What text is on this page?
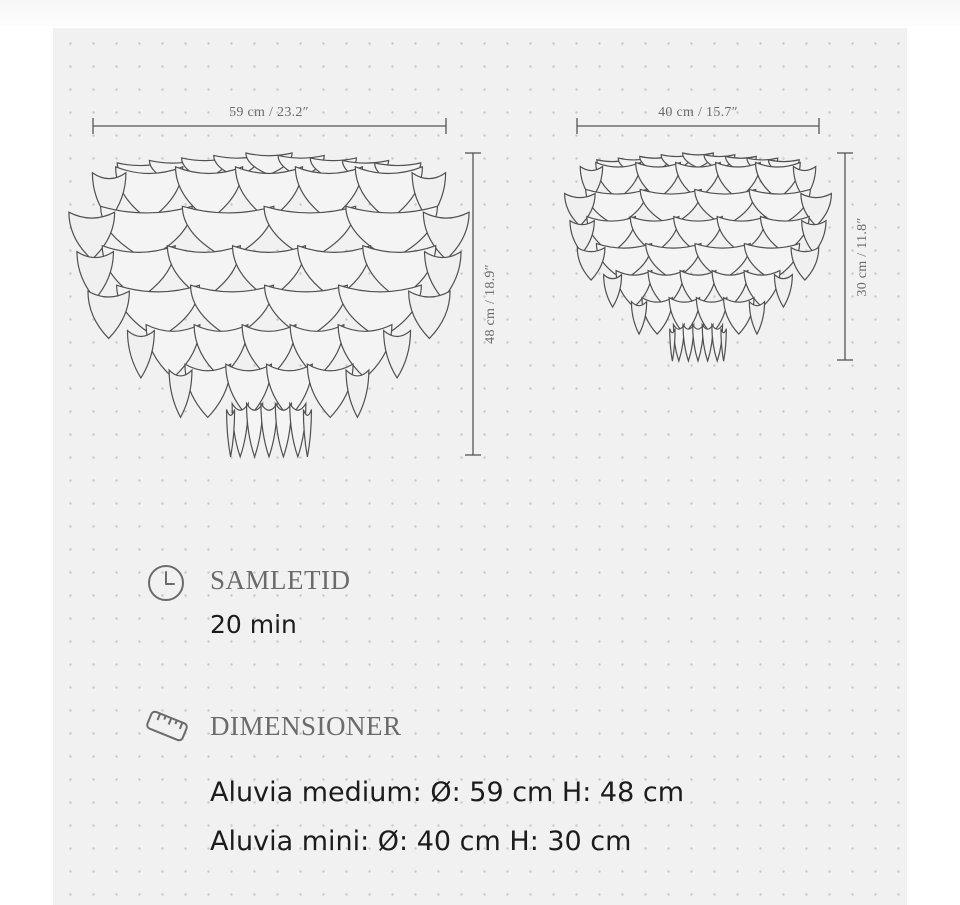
59 cm / 23.2″
48 cm / 18.9″
40 cm / 15.7″
30 cm / 11.8″
SAMLETID
20 min
DIMENSIONER
Aluvia medium: Ø: 59 cm H: 48 cm
Aluvia mini: Ø: 40 cm H: 30 cm
